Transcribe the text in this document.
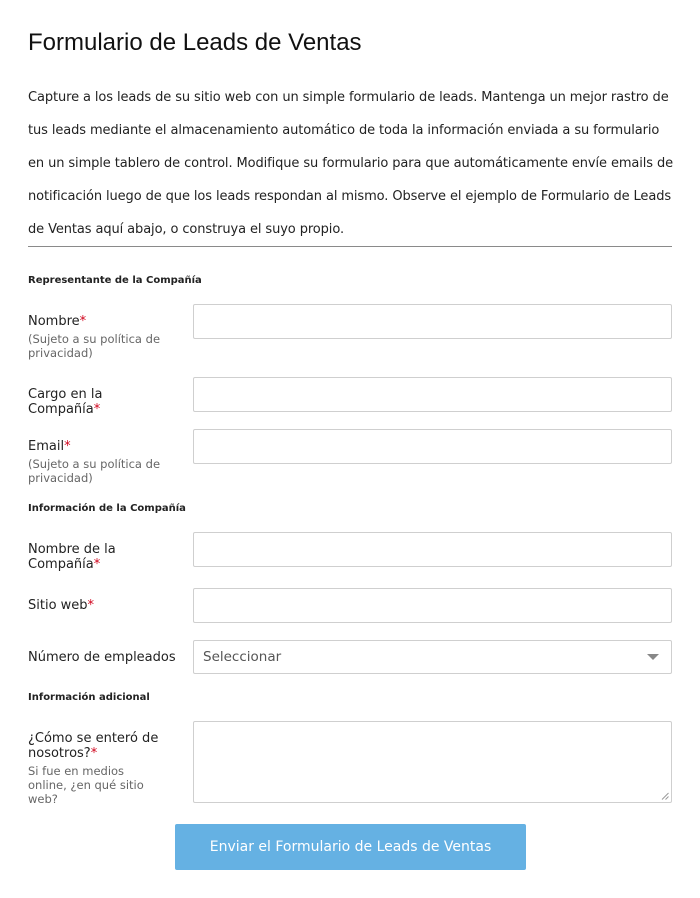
Formulario de Leads de Ventas

Capture a los leads de su sitio web con un simple formulario de leads. Mantenga un mejor rastro de tus leads mediante el almacenamiento automático de toda la información enviada a su formulario en un simple tablero de control. Modifique su formulario para que automáticamente envíe emails de notificación luego de que los leads respondan al mismo. Observe el ejemplo de Formulario de Leads de Ventas aquí abajo, o construya el suyo propio.

Representante de la Compañía
Nombre*
(Sujeto a su política de privacidad)
Cargo en la Compañía*
Email*
(Sujeto a su política de privacidad)
Información de la Compañía
Nombre de la Compañía*
Sitio web*
Número de empleados Seleccionar
Información adicional
¿Cómo se enteró de nosotros?*
Si fue en medios online, ¿en qué sitio web?
Enviar el Formulario de Leads de Ventas
